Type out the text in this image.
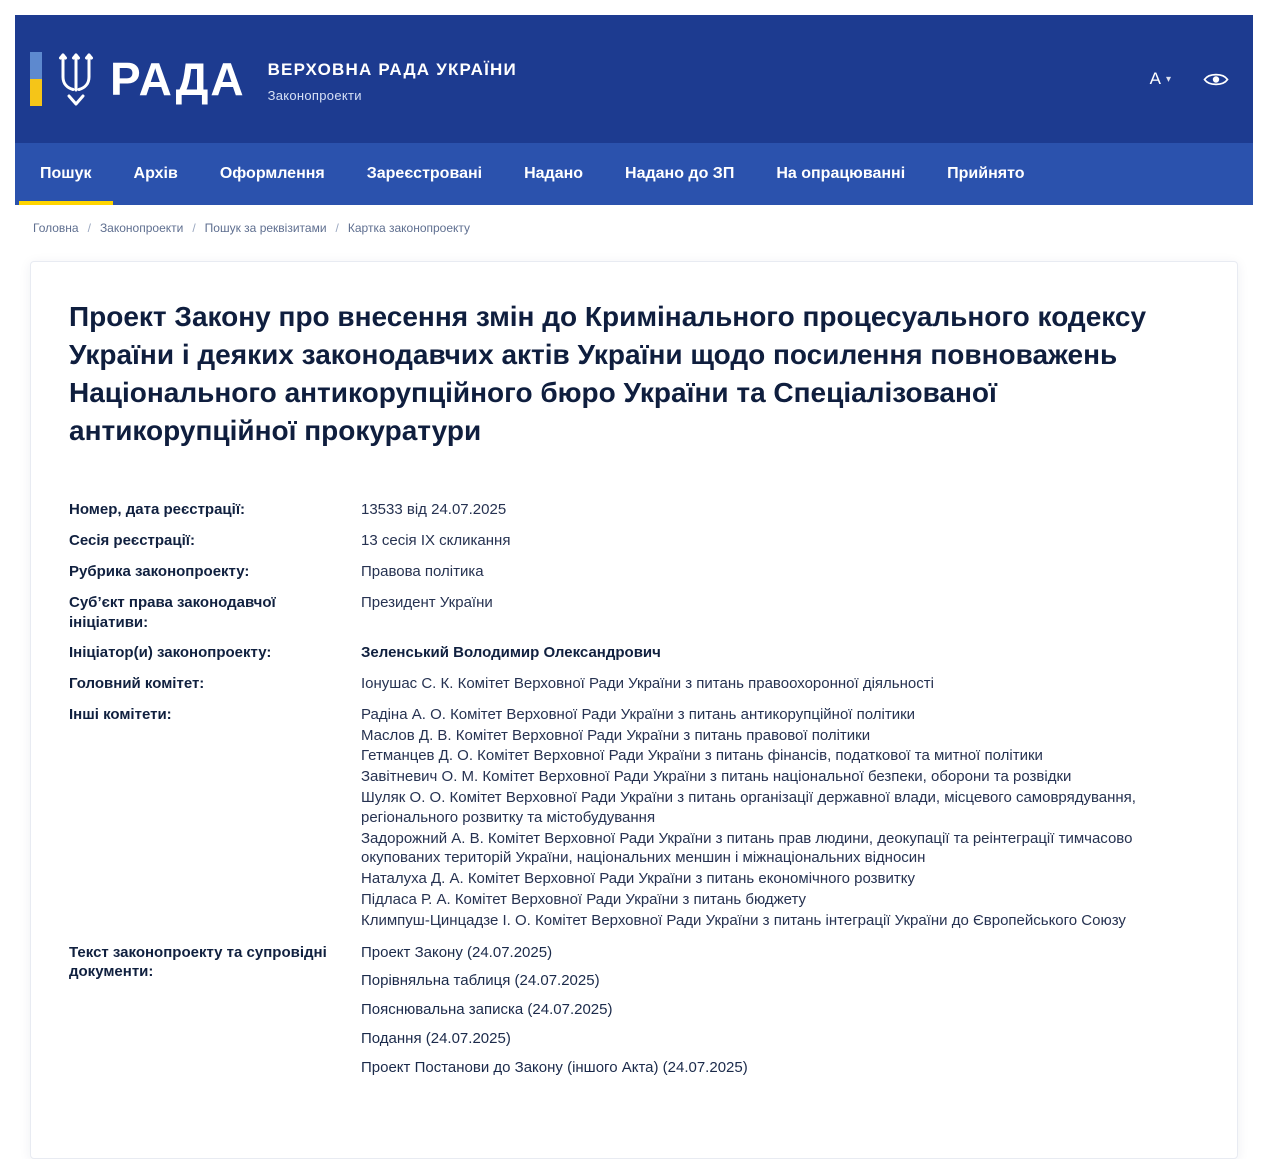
РАДА ВЕРХОВНА РАДА УКРАЇНИ
Законопроекти
A ▾
Пошук	Архів	Оформлення	Зареєстровані	Надано	Надано до ЗП	На опрацюванні	Прийнято
Головна / Законопроекти / Пошук за реквізитами / Картка законопроекту
Проект Закону про внесення змін до Кримінального процесуального кодексу України і деяких законодавчих актів України щодо посилення повноважень Національного антикорупційного бюро України та Спеціалізованої антикорупційної прокуратури
Номер, дата реєстрації:	13533 від 24.07.2025
Сесія реєстрації:	13 сесія IX скликання
Рубрика законопроекту:	Правова політика
Суб’єкт права законодавчої ініціативи:
Президент України
Ініціатор(и) законопроекту:	Зеленський Володимир Олександрович
Головний комітет:	Іонушас С. К. Комітет Верховної Ради України з питань правоохоронної діяльності
Інші комітети:	Радіна А. О. Комітет Верховної Ради України з питань антикорупційної політики
Маслов Д. В. Комітет Верховної Ради України з питань правової політики
Гетманцев Д. О. Комітет Верховної Ради України з питань фінансів, податкової та митної політики
Завітневич О. М. Комітет Верховної Ради України з питань національної безпеки, оборони та розвідки
Шуляк О. О. Комітет Верховної Ради України з питань організації державної влади, місцевого самоврядування, регіонального розвитку та містобудування
Задорожний А. В. Комітет Верховної Ради України з питань прав людини, деокупації та реінтеграції тимчасово окупованих територій України, національних меншин і міжнаціональних відносин
Наталуха Д. А. Комітет Верховної Ради України з питань економічного розвитку
Підласа Р. А. Комітет Верховної Ради України з питань бюджету
Климпуш-Цинцадзе І. О. Комітет Верховної Ради України з питань інтеграції України до Європейського Союзу
Текст законопроекту та супровідні документи:
Проект Закону (24.07.2025)
Порівняльна таблиця (24.07.2025)
Пояснювальна записка (24.07.2025)
Подання (24.07.2025)
Проект Постанови до Закону (іншого Акта) (24.07.2025)
